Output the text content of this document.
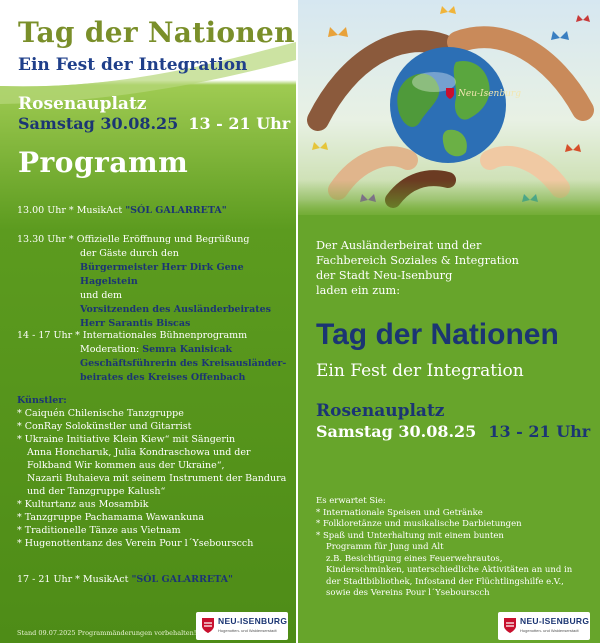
Tag der Nationen
Ein Fest der Integration
Rosenauplatz
Samstag 30.08.25 13 - 21 Uhr
Programm
13.00 Uhr * MusikAct "SÓL GALARRETA"
13.30 Uhr * Offizielle Eröffnung und Begrüßung
der Gäste durch den
Bürgermeister Herr Dirk Gene Hagelstein
und dem
Vorsitzenden des Ausländerbeirates
Herr Sarantis Biscas
14 - 17 Uhr * Internationales Bühnenprogramm
Moderation: Semra Kanisicak
Geschäftsführerin des Kreisausländer-
beirates des Kreises Offenbach
Künstler:
* Caiquén Chilenische Tanzgruppe
* ConRay Solokünstler und Gitarrist
* Ukraine Initiative Klein Kiew“ mit Sängerin
Anna Honcharuk, Julia Kondraschowa und der
Folkband Wir kommen aus der Ukraine“,
Nazarii Buhaieva mit seinem Instrument der Bandura
und der Tanzgruppe Kalush“
* Kulturtanz aus Mosambik
* Tanzgruppe Pachamama Wawankuna
* Traditionelle Tänze aus Vietnam
* Hugenottentanz des Verein Pour l´Ysebourscch
17 - 21 Uhr * MusikAct "SÓL GALARRETA"
Stand 09.07.2025 Programmänderungen vorbehalten!
NEU-ISENBURG
Hugenotten- und Waldenserstadt
Neu-Isenburg
Der Ausländerbeirat und der
Fachbereich Soziales & Integration
der Stadt Neu-Isenburg
laden ein zum:
Tag der Nationen
Ein Fest der Integration
Rosenauplatz
Samstag 30.08.25 13 - 21 Uhr
Es erwartet Sie:
* Internationale Speisen und Getränke
* Folkloretänze und musikalische Darbietungen
* Spaß und Unterhaltung mit einem bunten
Programm für Jung und Alt
z.B. Besichtigung eines Feuerwehrautos,
Kinderschminken, unterschiedliche Aktivitäten an und in
der Stadtbibliothek, Infostand der Flüchtlingshilfe e.V.,
sowie des Vereins Pour l´Ysebourscch
NEU-ISENBURG
Hugenotten- und Waldenserstadt
